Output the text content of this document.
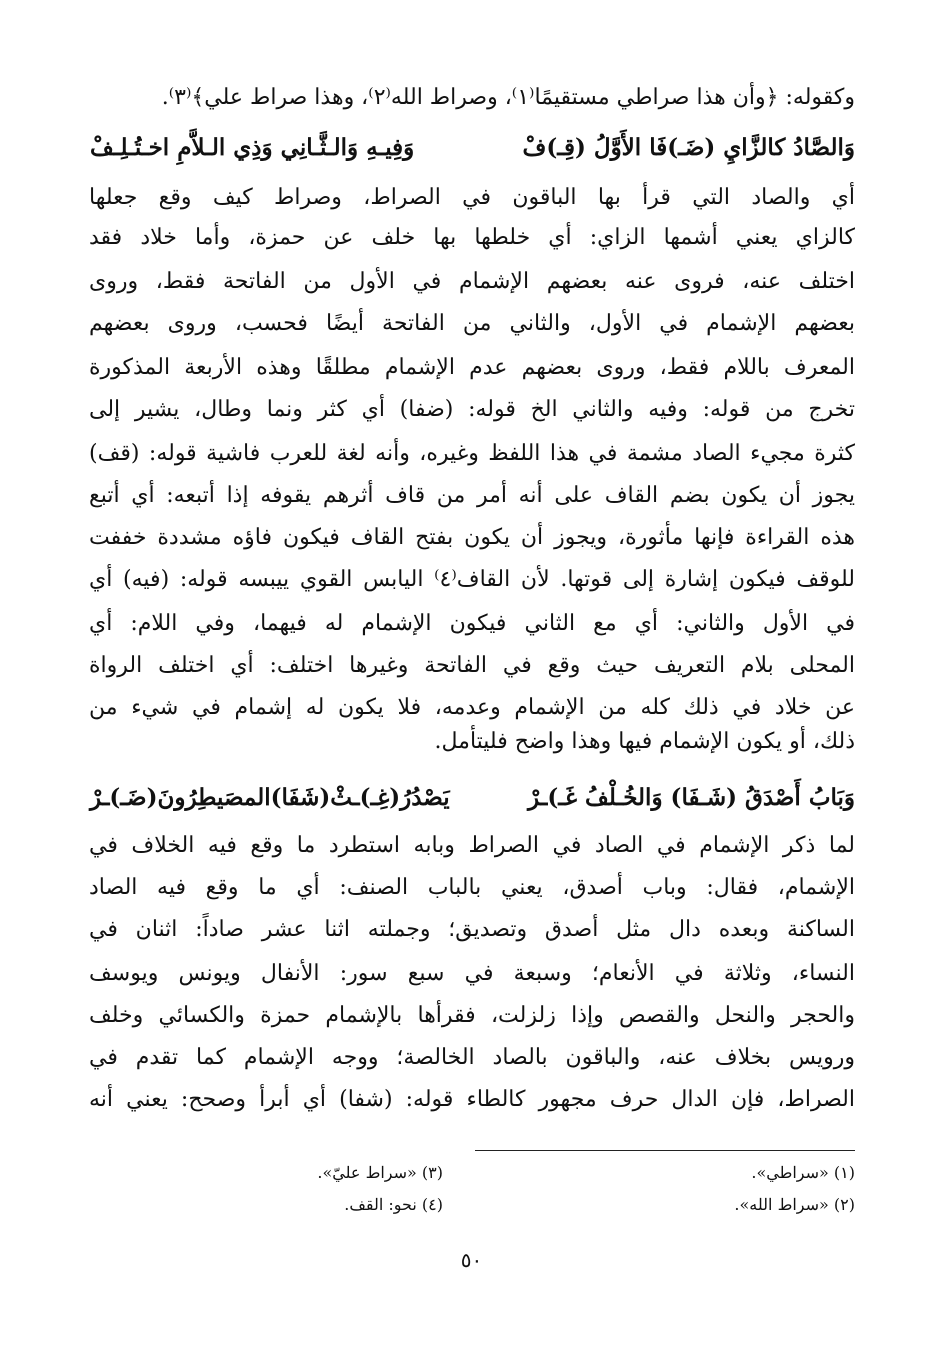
وكقوله: ﴿وأن هذا صراطي مستقيمًا⁽١⁾، وصراط الله⁽٢⁾، وهذا صراط علي﴾⁽٣⁾.
وَالصَّادُ كالزَّايِ (ضَـ)فَا الأَوَّلُ (قِـ)فْ
وَفِيـهِ وَالـثَّـانِي وَذِي الـلاَّمِ اخـتُـلِـفْ
أي والصاد التي قرأ بها الباقون في الصراط، وصراط كيف وقع جعلها
كالزاي يعني أشمها الزاي: أي خلطها بها خلف عن حمزة، وأما خلاد فقد
اختلف عنه، فروى عنه بعضهم الإشمام في الأول من الفاتحة فقط، وروى
بعضهم الإشمام في الأول، والثاني من الفاتحة أيضًا فحسب، وروى بعضهم
المعرف باللام فقط، وروى بعضهم عدم الإشمام مطلقًا وهذه الأربعة المذكورة
تخرج من قوله: وفيه والثاني الخ قوله: (ضفا) أي كثر ونما وطال، يشير إلى
كثرة مجيء الصاد مشمة في هذا اللفظ وغيره، وأنه لغة للعرب فاشية قوله: (قف)
يجوز أن يكون بضم القاف على أنه أمر من قاف أثرهم يقوفه إذا أتبعه: أي أتبع
هذه القراءة فإنها مأثورة، ويجوز أن يكون بفتح القاف فيكون فاؤه مشددة خففت
للوقف فيكون إشارة إلى قوتها. لأن القاف⁽٤⁾ اليابس القوي ييبسه قوله: (فيه) أي
في الأول والثاني: أي مع الثاني فيكون الإشمام له فيهما، وفي اللام: أي
المحلى بلام التعريف حيث وقع في الفاتحة وغيرها اختلف: أي اختلف الرواة
عن خلاد في ذلك كله من الإشمام وعدمه، فلا يكون له إشمام في شيء من
ذلك، أو يكون الإشمام فيها وهذا واضح فليتأمل.
وَبَابُ أَصْدَقُ (شَـفَا) وَالخُـلْفُ غَـ)ـرْ
يَصْدُرُ(غِـ)ـثْ(شَفَا)المصَيطِرُونَ(ضَـ)ـرْ
لما ذكر الإشمام في الصاد في الصراط وبابه استطرد ما وقع فيه الخلاف في
الإشمام، فقال: وباب أصدق، يعني بالباب الصنف: أي ما وقع فيه الصاد
الساكنة وبعده دال مثل أصدق وتصديق؛ وجملته اثنا عشر صاداً: اثنان في
النساء، وثلاثة في الأنعام؛ وسبعة في سبع سور: الأنفال ويونس ويوسف
والحجر والنحل والقصص وإذا زلزلت، فقرأها بالإشمام حمزة والكسائي وخلف
ورويس بخلاف عنه، والباقون بالصاد الخالصة؛ ووجه الإشمام كما تقدم في
الصراط، فإن الدال حرف مجهور كالطاء قوله: (شفا) أي أبرأ وصحح: يعني أنه
(١) «سراطي».
(٣) «سراط عليّ».
(٢) «سراط الله».
(٤) نحو: القف.
٥٠
